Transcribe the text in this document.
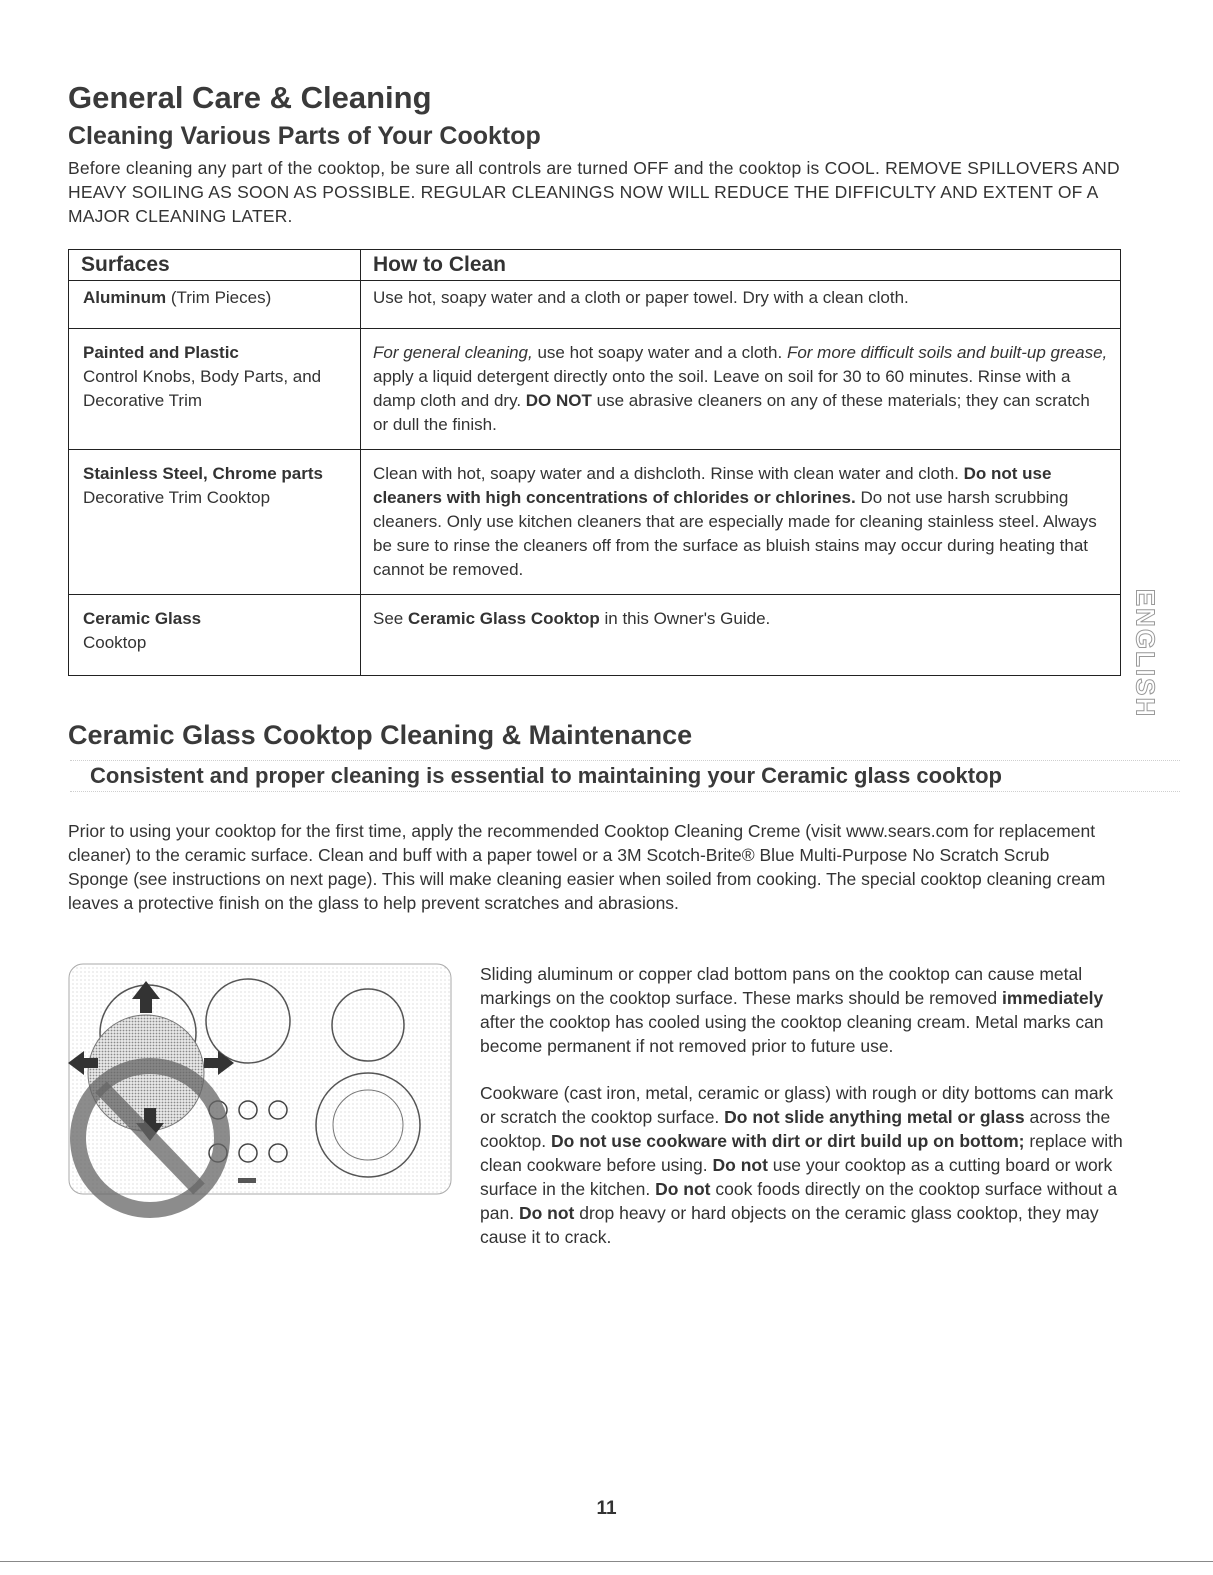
General Care & Cleaning
Cleaning Various Parts of Your Cooktop
Before cleaning any part of the cooktop, be sure all controls are turned OFF and the cooktop is COOL. REMOVE SPILLOVERS AND HEAVY SOILING AS SOON AS POSSIBLE. REGULAR CLEANINGS NOW WILL REDUCE THE DIFFICULTY AND EXTENT OF A MAJOR CLEANING LATER.
Surfaces	How to Clean
Aluminum (Trim Pieces)	Use hot, soapy water and a cloth or paper towel. Dry with a clean cloth.

Painted and Plastic
Control Knobs, Body Parts, and Decorative Trim	For general cleaning, use hot soapy water and a cloth. For more difficult soils and built-up grease, apply a liquid detergent directly onto the soil. Leave on soil for 30 to 60 minutes. Rinse with a damp cloth and dry. DO NOT use abrasive cleaners on any of these materials; they can scratch or dull the finish.

Stainless Steel, Chrome parts
Decorative Trim Cooktop	Clean with hot, soapy water and a dishcloth. Rinse with clean water and cloth. Do not use cleaners with high concentrations of chlorides or chlorines. Do not use harsh scrubbing cleaners. Only use kitchen cleaners that are especially made for cleaning stainless steel. Always be sure to rinse the cleaners off from the surface as bluish stains may occur during heating that cannot be removed.

Ceramic Glass
Cooktop	See Ceramic Glass Cooktop in this Owner's Guide.	ENGLISH
Ceramic Glass Cooktop Cleaning & Maintenance
Consistent and proper cleaning is essential to maintaining your Ceramic glass cooktop
Prior to using your cooktop for the first time, apply the recommended Cooktop Cleaning Creme (visit www.sears.com for replacement cleaner) to the ceramic surface. Clean and buff with a paper towel or a 3M Scotch-Brite® Blue Multi-Purpose No Scratch Scrub Sponge (see instructions on next page). This will make cleaning easier when soiled from cooking. The special cooktop cleaning cream leaves a protective finish on the glass to help prevent scratches and abrasions.

Sliding aluminum or copper clad bottom pans on the cooktop can cause metal markings on the cooktop surface. These marks should be removed immediately after the cooktop has cooled using the cooktop cleaning cream. Metal marks can become permanent if not removed prior to future use.

Cookware (cast iron, metal, ceramic or glass) with rough or dity bottoms can mark or scratch the cooktop surface. Do not slide anything metal or glass across the cooktop. Do not use cookware with dirt or dirt build up on bottom; replace with clean cookware before using. Do not use your cooktop as a cutting board or work surface in the kitchen. Do not cook foods directly on the cooktop surface without a pan. Do not drop heavy or hard objects on the ceramic glass cooktop, they may cause it to crack.

11
